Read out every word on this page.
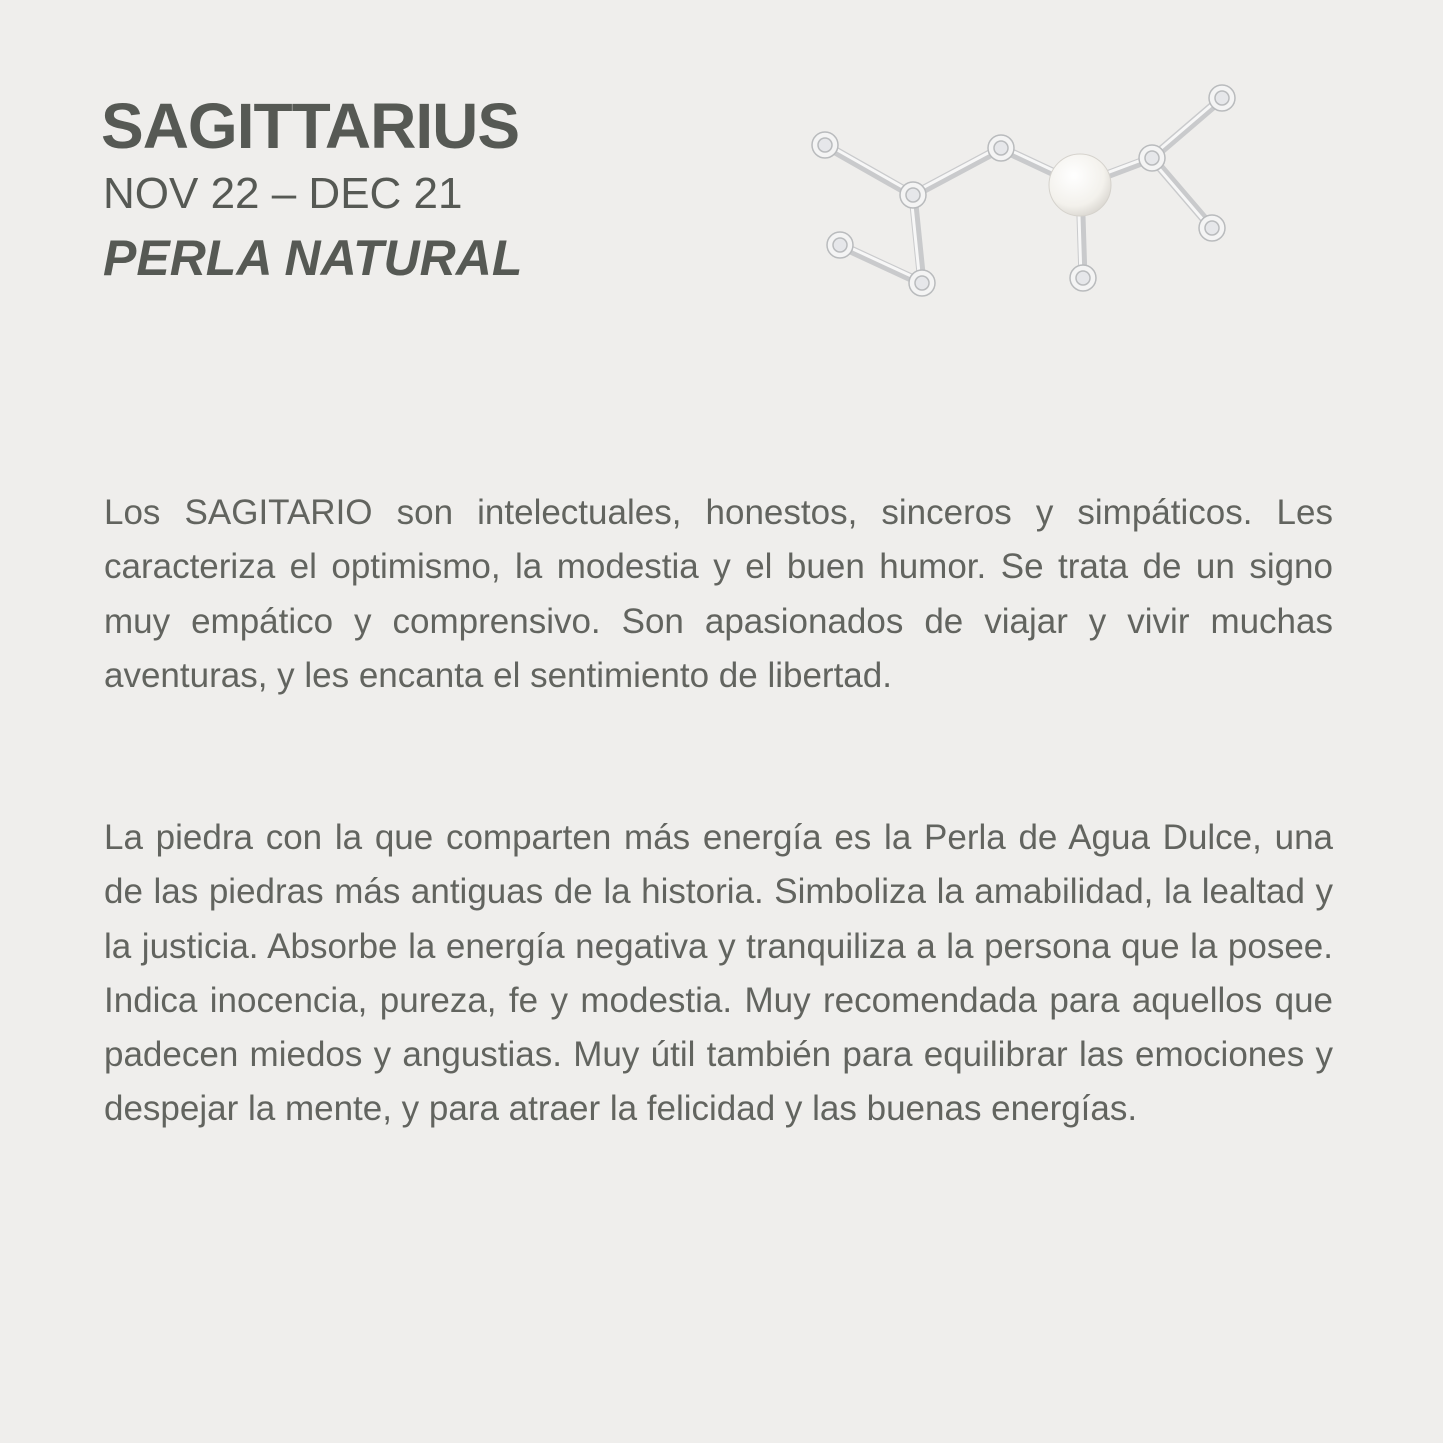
SAGITTARIUS
NOV 22 – DEC 21
PERLA NATURAL

Los SAGITARIO son intelectuales, honestos, sinceros y simpáticos. Les caracteriza el optimismo, la modestia y el buen humor. Se trata de un signo muy empático y comprensivo. Son apasionados de viajar y vivir muchas aventuras, y les encanta el sentimiento de libertad.

La piedra con la que comparten más energía es la Perla de Agua Dulce, una de las piedras más antiguas de la historia. Simboliza la amabilidad, la lealtad y la justicia. Absorbe la energía negativa y tranquiliza a la persona que la posee. Indica inocencia, pureza, fe y modestia. Muy recomendada para aquellos que padecen miedos y angustias. Muy útil también para equilibrar las emociones y despejar la mente, y para atraer la felicidad y las buenas energías.
